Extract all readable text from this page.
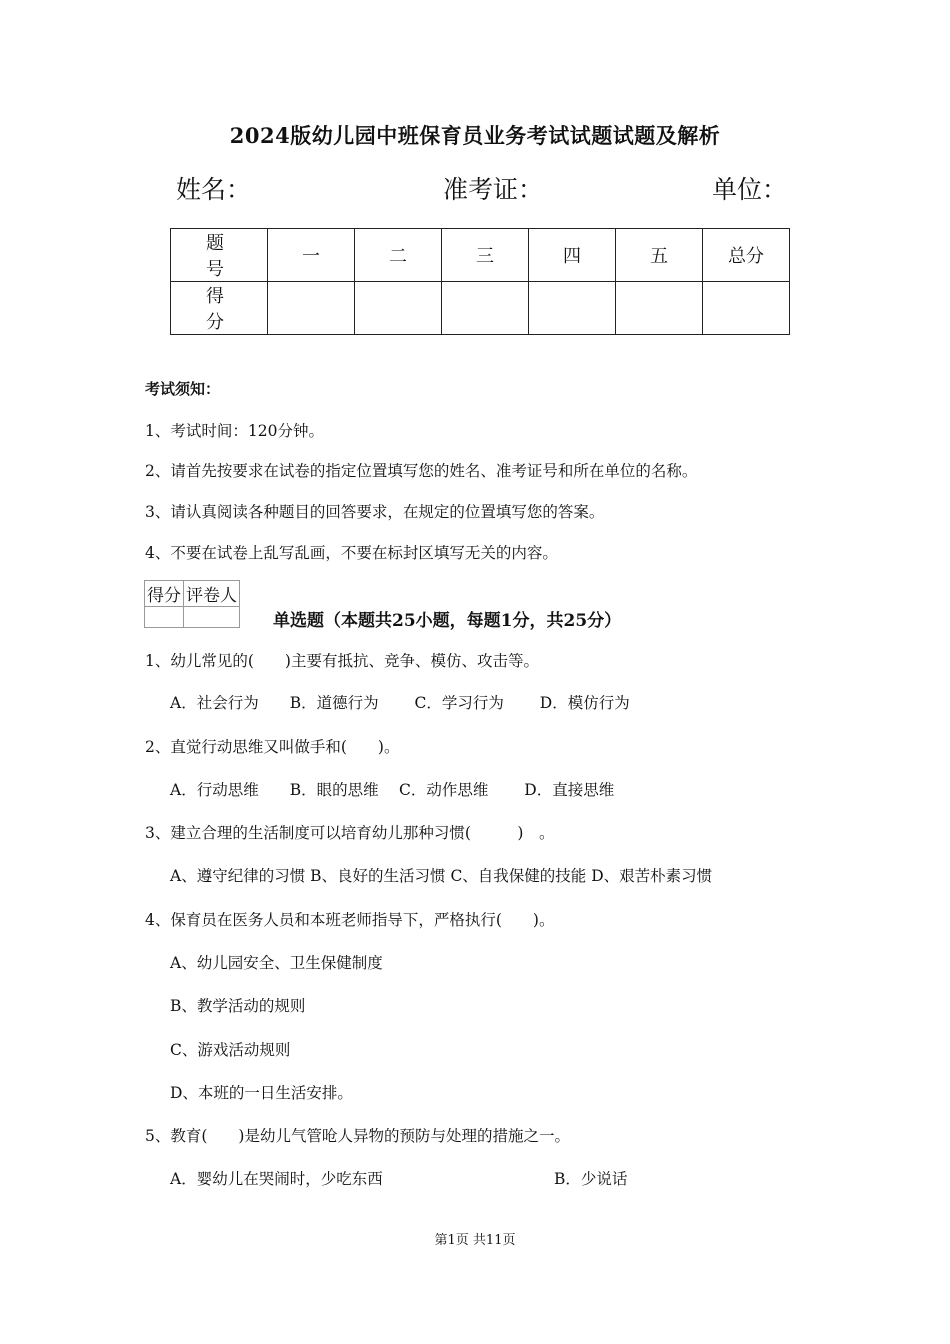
2024版幼儿园中班保育员业务考试试题试题及解析
姓名：	准考证：	单位：
题 号	一	二	三	四	五	总分
得 分						
考试须知：
1、考试时间：120分钟。
2、请首先按要求在试卷的指定位置填写您的姓名、准考证号和所在单位的名称。
3、请认真阅读各种题目的回答要求，在规定的位置填写您的答案。
4、不要在试卷上乱写乱画，不要在标封区填写无关的内容。
得分	评卷人

单选题（本题共25小题，每题1分，共25分）
1、幼儿常见的(　　)主要有抵抗、竞争、模仿、攻击等。
A．社会行为　　B．道德行为　　 C．学习行为　　 D．模仿行为
2、直觉行动思维又叫做手和(　　)。
A．行动思维　　B．眼的思维　 C．动作思维　　 D．直接思维
3、建立合理的生活制度可以培育幼儿那种习惯(　　　)　。
A、遵守纪律的习惯 B、良好的生活习惯 C、自我保健的技能 D、艰苦朴素习惯
4、保育员在医务人员和本班老师指导下，严格执行(　　)。
A、幼儿园安全、卫生保健制度
B、教学活动的规则
C、游戏活动规则
D、本班的一日生活安排。
5、教育(　　)是幼儿气管呛人异物的预防与处理的措施之一。
A．婴幼儿在哭闹时，少吃东西	B．少说话
第1页 共11页
